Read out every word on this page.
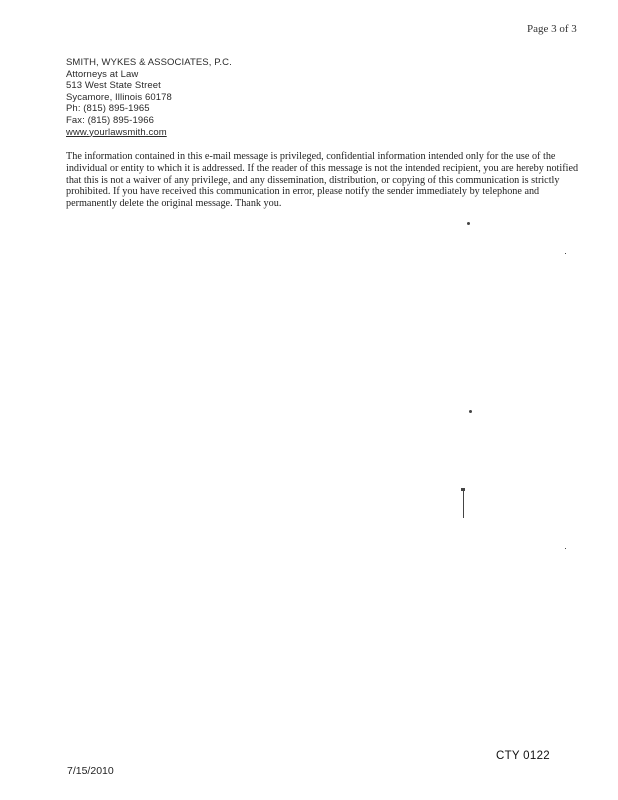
Page 3 of 3
SMITH, WYKES & ASSOCIATES, P.C.
Attorneys at Law
513 West State Street
Sycamore, Illinois 60178
Ph: (815) 895-1965
Fax: (815) 895-1966
www.yourlawsmith.com
The information contained in this e-mail message is privileged, confidential information intended only for the use of the individual or entity to which it is addressed. If the reader of this message is not the intended recipient, you are hereby notified that this is not a waiver of any privilege, and any dissemination, distribution, or copying of this communication is strictly prohibited. If you have received this communication in error, please notify the sender immediately by telephone and permanently delete the original message. Thank you.
CTY 0122
7/15/2010
